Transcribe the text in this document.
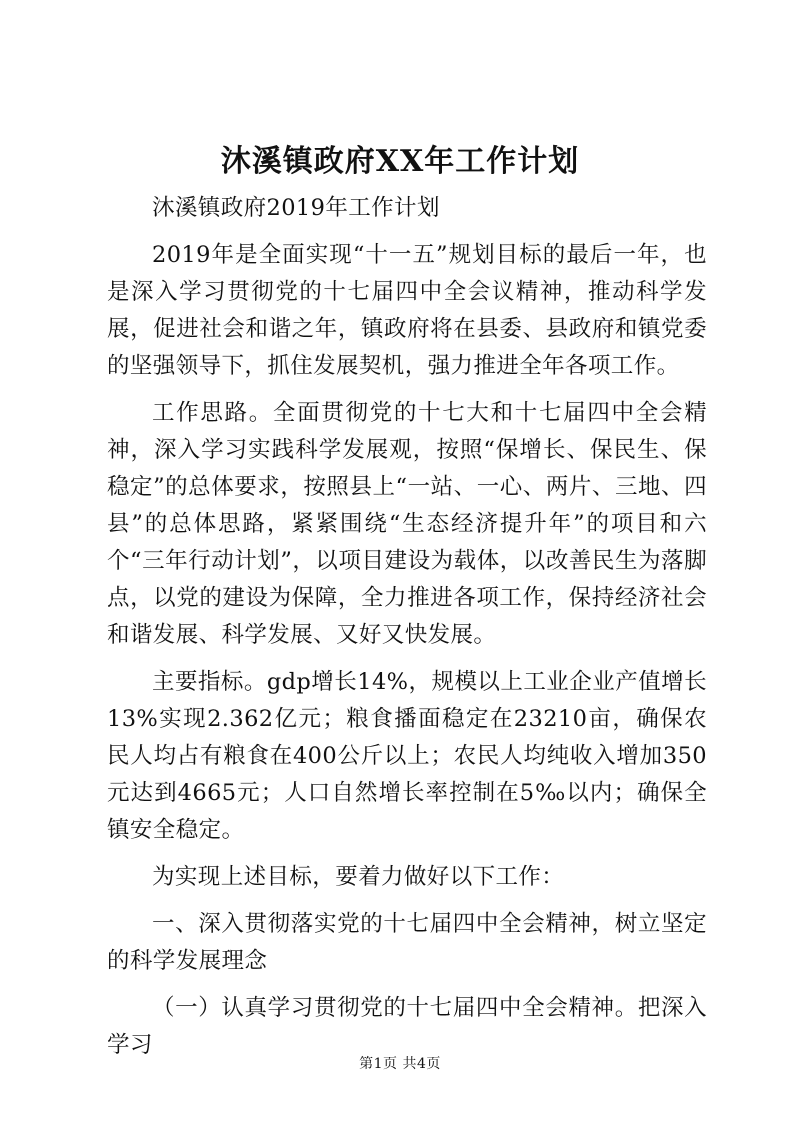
沐溪镇政府XX年工作计划

沐溪镇政府2019年工作计划

2019年是全面实现“十一五”规划目标的最后一年，也是深入学习贯彻党的十七届四中全会议精神，推动科学发展，促进社会和谐之年，镇政府将在县委、县政府和镇党委的坚强领导下，抓住发展契机，强力推进全年各项工作。

工作思路。全面贯彻党的十七大和十七届四中全会精神，深入学习实践科学发展观，按照“保增长、保民生、保稳定”的总体要求，按照县上“一站、一心、两片、三地、四县”的总体思路，紧紧围绕“生态经济提升年”的项目和六个“三年行动计划”，以项目建设为载体，以改善民生为落脚点，以党的建设为保障，全力推进各项工作，保持经济社会和谐发展、科学发展、又好又快发展。

主要指标。gdp增长14%，规模以上工业企业产值增长13%实现2.362亿元；粮食播面稳定在23210亩，确保农民人均占有粮食在400公斤以上；农民人均纯收入增加350元达到4665元；人口自然增长率控制在5‰以内；确保全镇安全稳定。

为实现上述目标，要着力做好以下工作：

一、深入贯彻落实党的十七届四中全会精神，树立坚定的科学发展理念

（一）认真学习贯彻党的十七届四中全会精神。把深入学习

第1页 共4页
